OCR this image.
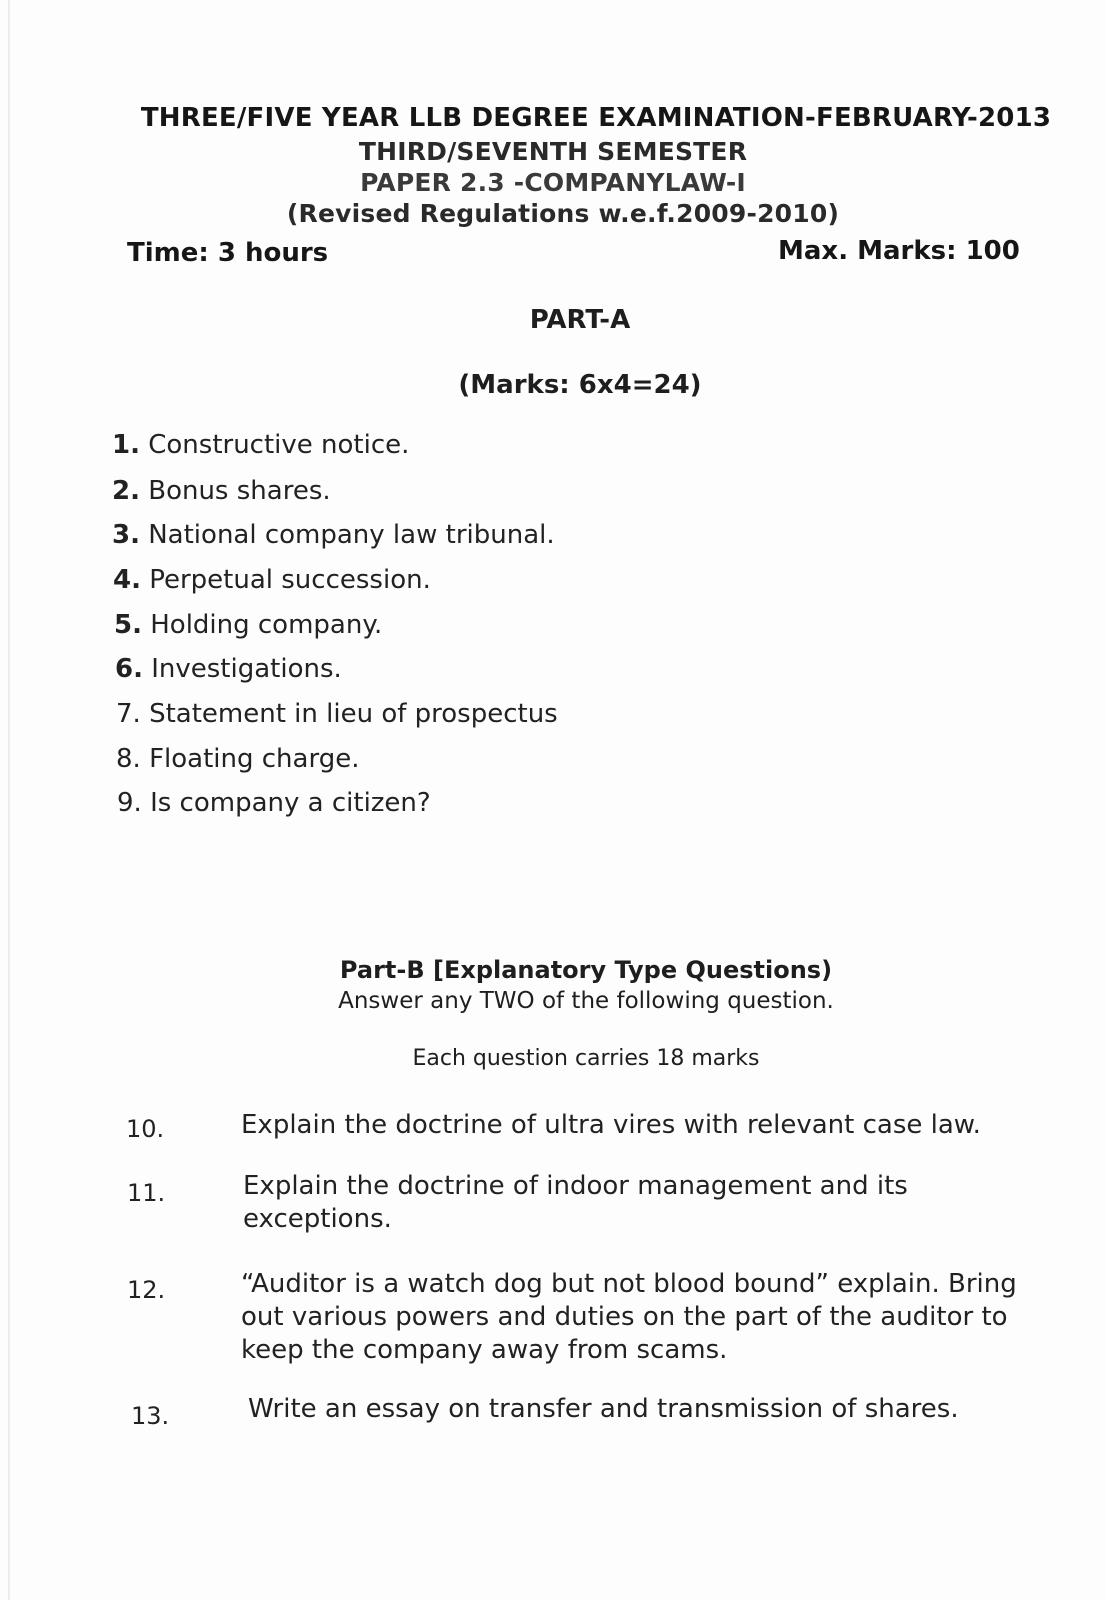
THREE/FIVE YEAR LLB DEGREE EXAMINATION-FEBRUARY-2013

THIRD/SEVENTH SEMESTER

PAPER 2.3 -COMPANYLAW-I

(Revised Regulations w.e.f.2009-2010)

Time: 3 hours	Max. Marks: 100

PART-A

(Marks: 6x4=24)

1. Constructive notice.

2. Bonus shares.

3. National company law tribunal.

4. Perpetual succession.

5. Holding company.

6. Investigations.

7. Statement in lieu of prospectus

8. Floating charge.

9. Is company a citizen?

Part-B [Explanatory Type Questions)

Answer any TWO of the following question.

Each question carries 18 marks

10.	Explain the doctrine of ultra vires with relevant case law.

11.	Explain the doctrine of indoor management and its exceptions.

12.	“Auditor is a watch dog but not blood bound” explain. Bring out various powers and duties on the part of the auditor to keep the company away from scams.

13.	Write an essay on transfer and transmission of shares.
